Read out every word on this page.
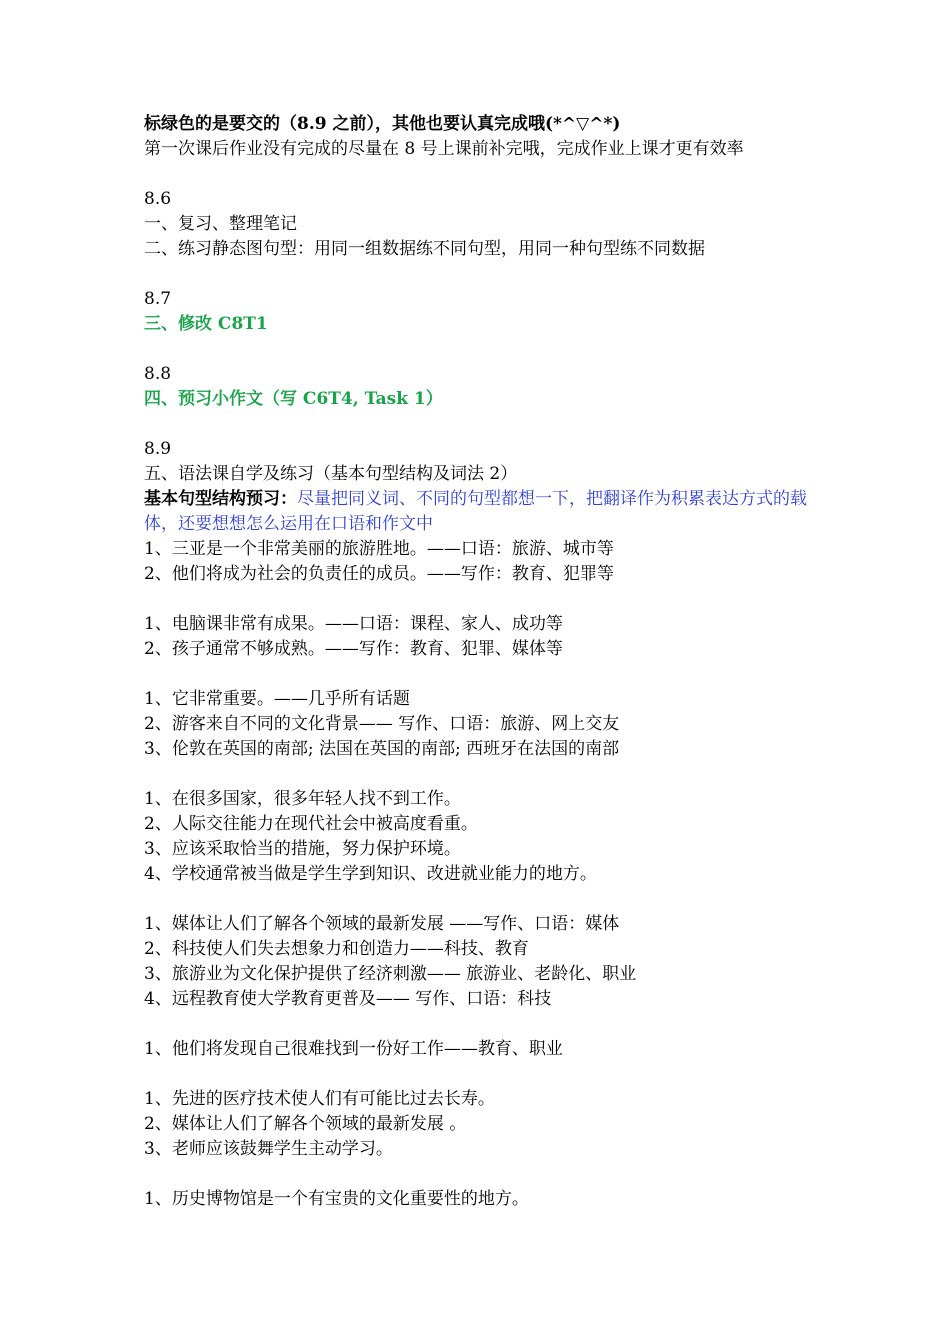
标绿色的是要交的（8.9 之前），其他也要认真完成哦(*^▽^*)
第一次课后作业没有完成的尽量在 8 号上课前补完哦，完成作业上课才更有效率
8.6
一、复习、整理笔记
二、练习静态图句型：用同一组数据练不同句型，用同一种句型练不同数据
8.7
三、修改 C8T1
8.8
四、预习小作文（写 C6T4, Task 1）
8.9
五、语法课自学及练习（基本句型结构及词法 2）
基本句型结构预习：尽量把同义词、不同的句型都想一下，把翻译作为积累表达方式的载体，还要想想怎么运用在口语和作文中
1、三亚是一个非常美丽的旅游胜地。——口语：旅游、城市等
2、他们将成为社会的负责任的成员。——写作：教育、犯罪等
1、电脑课非常有成果。——口语：课程、家人、成功等
2、孩子通常不够成熟。——写作：教育、犯罪、媒体等
1、它非常重要。——几乎所有话题
2、游客来自不同的文化背景—— 写作、口语：旅游、网上交友
3、伦敦在英国的南部; 法国在英国的南部; 西班牙在法国的南部
1、在很多国家，很多年轻人找不到工作。
2、人际交往能力在现代社会中被高度看重。
3、应该采取恰当的措施，努力保护环境。
4、学校通常被当做是学生学到知识、改进就业能力的地方。
1、媒体让人们了解各个领域的最新发展 ——写作、口语：媒体
2、科技使人们失去想象力和创造力——科技、教育
3、旅游业为文化保护提供了经济刺激—— 旅游业、老龄化、职业
4、远程教育使大学教育更普及—— 写作、口语：科技
1、他们将发现自己很难找到一份好工作——教育、职业
1、先进的医疗技术使人们有可能比过去长寿。
2、媒体让人们了解各个领域的最新发展 。
3、老师应该鼓舞学生主动学习。
1、历史博物馆是一个有宝贵的文化重要性的地方。
